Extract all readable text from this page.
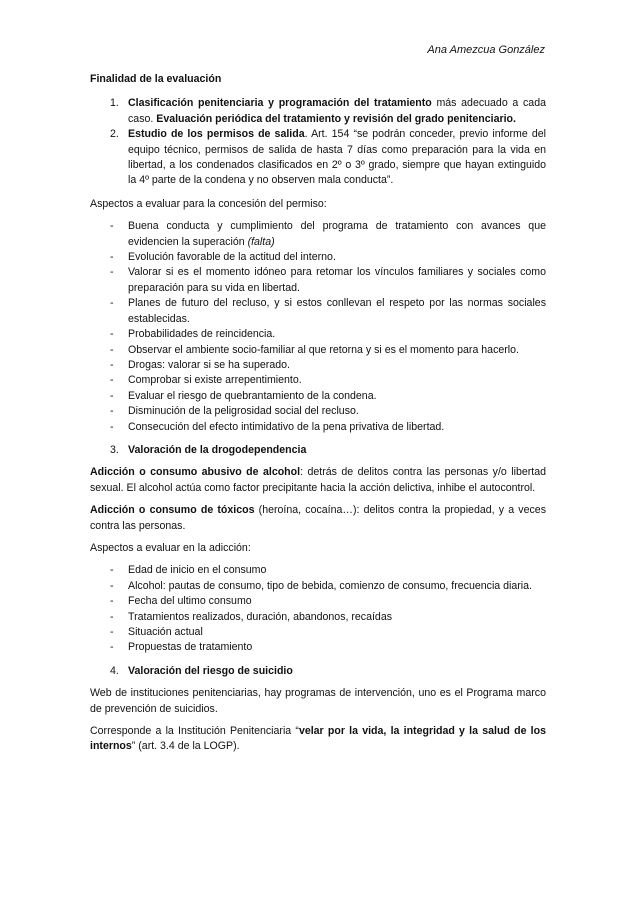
Ana Amezcua González

Finalidad de la evaluación

1. Clasificación penitenciaria y programación del tratamiento más adecuado a cada caso. Evaluación periódica del tratamiento y revisión del grado penitenciario.
2. Estudio de los permisos de salida. Art. 154 “se podrán conceder, previo informe del equipo técnico, permisos de salida de hasta 7 días como preparación para la vida en libertad, a los condenados clasificados en 2º o 3º grado, siempre que hayan extinguido la 4º parte de la condena y no observen mala conducta”.

Aspectos a evaluar para la concesión del permiso:

- Buena conducta y cumplimiento del programa de tratamiento con avances que evidencien la superación (falta)
- Evolución favorable de la actitud del interno.
- Valorar si es el momento idóneo para retomar los vínculos familiares y sociales como preparación para su vida en libertad.
- Planes de futuro del recluso, y si estos conllevan el respeto por las normas sociales establecidas.
- Probabilidades de reincidencia.
- Observar el ambiente socio-familiar al que retorna y si es el momento para hacerlo.
- Drogas: valorar si se ha superado.
- Comprobar si existe arrepentimiento.
- Evaluar el riesgo de quebrantamiento de la condena.
- Disminución de la peligrosidad social del recluso.
- Consecución del efecto intimidativo de la pena privativa de libertad.
3. Valoración de la drogodependencia

Adicción o consumo abusivo de alcohol: detrás de delitos contra las personas y/o libertad sexual. El alcohol actúa como factor precipitante hacia la acción delictiva, inhibe el autocontrol.

Adicción o consumo de tóxicos (heroína, cocaína…): delitos contra la propiedad, y a veces contra las personas.

Aspectos a evaluar en la adicción:

- Edad de inicio en el consumo
- Alcohol: pautas de consumo, tipo de bebida, comienzo de consumo, frecuencia diaria.
- Fecha del ultimo consumo
- Tratamientos realizados, duración, abandonos, recaídas
- Situación actual
- Propuestas de tratamiento
4. Valoración del riesgo de suicidio

Web de instituciones penitenciarias, hay programas de intervención, uno es el Programa marco de prevención de suicidios.

Corresponde a la Institución Penitenciaria “velar por la vida, la integridad y la salud de los internos” (art. 3.4 de la LOGP).
